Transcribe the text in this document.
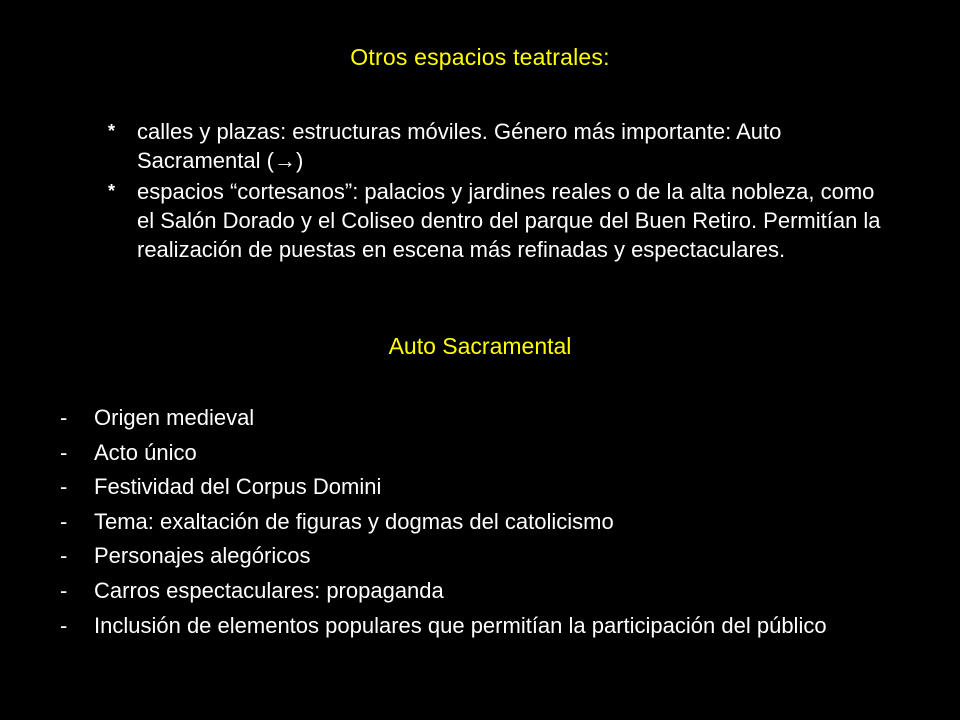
Otros espacios teatrales:
* calles y plazas: estructuras móviles. Género más importante: Auto Sacramental (→)
* espacios “cortesanos”: palacios y jardines reales o de la alta nobleza, como el Salón Dorado y el Coliseo dentro del parque del Buen Retiro. Permitían la realización de puestas en escena más refinadas y espectaculares.
Auto Sacramental
-	Origen medieval
-	Acto único
-	Festividad del Corpus Domini
-	Tema: exaltación de figuras y dogmas del catolicismo
-	Personajes alegóricos
-	Carros espectaculares: propaganda
-	Inclusión de elementos populares que permitían la participación del público
